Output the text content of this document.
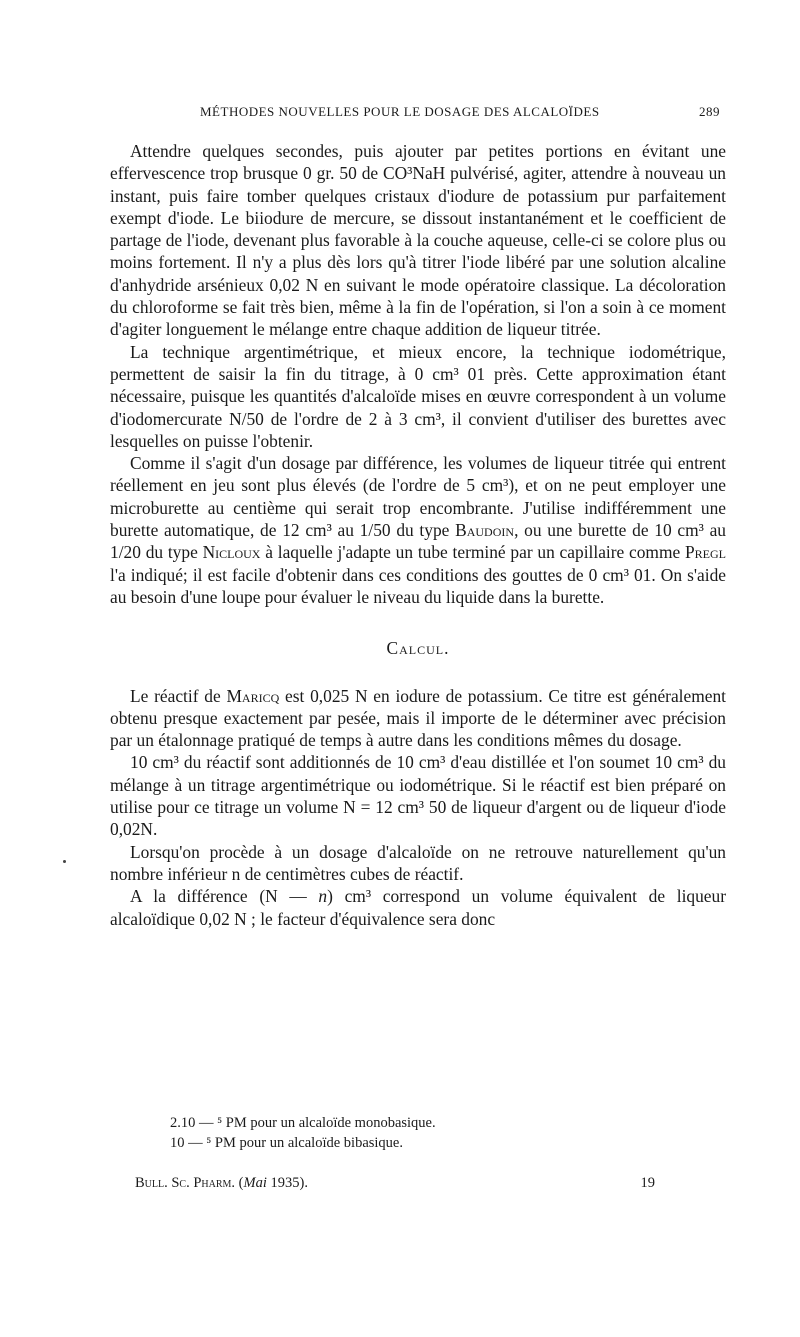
MÉTHODES NOUVELLES POUR LE DOSAGE DES ALCALOÏDES	289

Attendre quelques secondes, puis ajouter par petites portions en évitant une effervescence trop brusque 0 gr. 50 de CO³NaH pulvérisé, agiter, attendre à nouveau un instant, puis faire tomber quelques cristaux d'iodure de potassium pur parfaitement exempt d'iode. Le biiodure de mercure, se dissout instantanément et le coefficient de partage de l'iode, devenant plus favorable à la couche aqueuse, celle-ci se colore plus ou moins fortement. Il n'y a plus dès lors qu'à titrer l'iode libéré par une solution alcaline d'anhydride arsénieux 0,02 N en suivant le mode opératoire classique. La décoloration du chloroforme se fait très bien, même à la fin de l'opération, si l'on a soin à ce moment d'agiter longuement le mélange entre chaque addition de liqueur titrée.

La technique argentimétrique, et mieux encore, la technique iodométrique, permettent de saisir la fin du titrage, à 0 cm³ 01 près. Cette approximation étant nécessaire, puisque les quantités d'alcaloïde mises en œuvre correspondent à un volume d'iodomercurate N/50 de l'ordre de 2 à 3 cm³, il convient d'utiliser des burettes avec lesquelles on puisse l'obtenir.

Comme il s'agit d'un dosage par différence, les volumes de liqueur titrée qui entrent réellement en jeu sont plus élevés (de l'ordre de 5 cm³), et on ne peut employer une microburette au centième qui serait trop encombrante. J'utilise indifféremment une burette automatique, de 12 cm³ au 1/50 du type Baudoin, ou une burette de 10 cm³ au 1/20 du type Nicloux à laquelle j'adapte un tube terminé par un capillaire comme Pregl l'a indiqué; il est facile d'obtenir dans ces conditions des gouttes de 0 cm³ 01. On s'aide au besoin d'une loupe pour évaluer le niveau du liquide dans la burette.

Calcul.

Le réactif de Maricq est 0,025 N en iodure de potassium. Ce titre est généralement obtenu presque exactement par pesée, mais il importe de le déterminer avec précision par un étalonnage pratiqué de temps à autre dans les conditions mêmes du dosage.

10 cm³ du réactif sont additionnés de 10 cm³ d'eau distillée et l'on soumet 10 cm³ du mélange à un titrage argentimétrique ou iodométrique. Si le réactif est bien préparé on utilise pour ce titrage un volume N = 12 cm³ 50 de liqueur d'argent ou de liqueur d'iode 0,02N.

Lorsqu'on procède à un dosage d'alcaloïde on ne retrouve naturellement qu'un nombre inférieur n de centimètres cubes de réactif.

A la différence (N — n) cm³ correspond un volume équivalent de liqueur alcaloïdique 0,02 N ; le facteur d'équivalence sera donc

2.10 — ⁵ PM pour un alcaloïde monobasique.
10 — ⁵ PM pour un alcaloïde bibasique.
Bull. Sc. Pharm. (Mai 1935).	19
